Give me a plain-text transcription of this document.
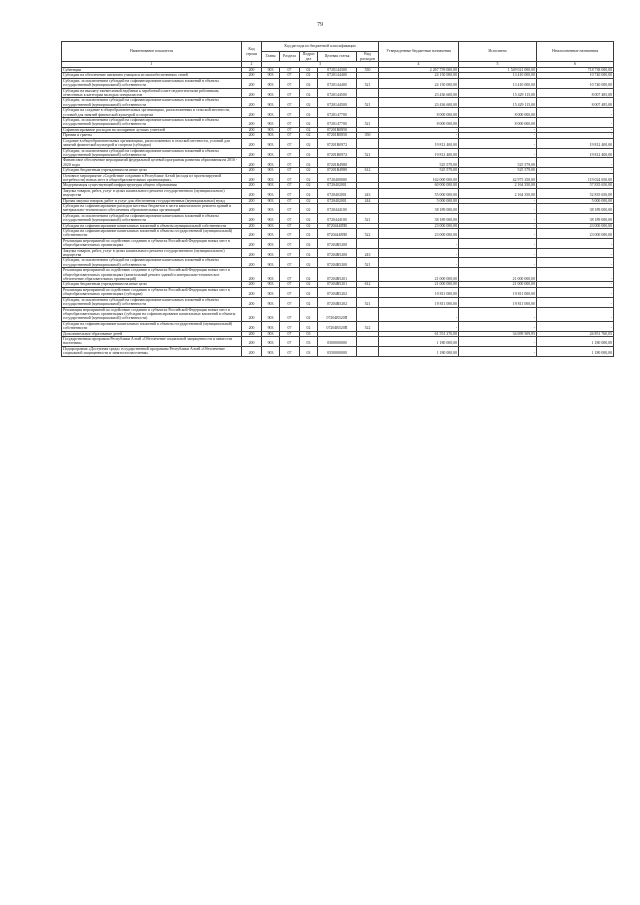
79
Наименование показателя	Код строки	Код расхода по бюджетной классификации					Утвержденные бюджетные назначения	Исполнено	Неисполненные назначения
		Главы	Раздела	Подраз дел	Целевая статья	Вид расходов			
1	2	3					4	5	6
Субвенции	200	903	07	02	0720144300	530	2 267 759 000,00	1 549 021 000,00	718 738 000,00
Субсидии на обеспечение питанием учащихся из малообеспеченных семей	200	903	07	02	0720144400		24 150 000,00	13 410 000,00	10 740 000,00
Субсидии, за исключением субсидий на софинансирование капитальных вложений в объекты государственной (муниципальной) собственности	200	903	07	02	0720144400	521	24 150 000,00	13 410 000,00	10 740 000,00
Субсидии на выплату ежемесячной надбавки к заработной плате педагогическим работникам, отнесенных к категории молодых специалистов	200	903	07	02	0720144500		23 436 600,00	15 429 115,00	8 007 485,00
Субсидии, за исключением субсидий на софинансирование капитальных вложений в объекты государственной (муниципальной) собственности	200	903	07	02	0720144500	521	23 436 600,00	15 429 115,00	8 007 485,00
Субсидии на создание в общеобразовательных организациях, расположенных в сельской местности, условий для занятий физической культурой и спортом	200	903	07	02	0720147700		8 000 000,00	8 000 000,00	-
Субсидии, за исключением субсидий на софинансирование капитальных вложений в объекты государственной (муниципальной) собственности	200	903	07	02	0720147700	521	8 000 000,00	8 000 000,00	-
Софинансирование расходов на поощрение лучших учителей	200	903	07	02	07201R0850		-	-	-
Премии и гранты	200	903	07	02	07201R0850	350	-	-	-
Создание в общеобразовательных организациях, расположенных в сельской местности, условий для занятий физической культурой и спортом (субсидии)	200	903	07	02	07201R0972		19 812 400,00	-	19 812 400,00
Субсидии, за исключением субсидий на софинансирование капитальных вложений в объекты государственной (муниципальной) собственности	200	903	07	02	07201R0972	521	19 812 400,00	-	19 812 400,00
Финансовое обеспечение мероприятий федеральной целевой программы развития образования на 2016 - 2020 годы	200	903	07	02	07201R4980		525 579,00	525 579,00	-
Субсидии бюджетным учреждениям на иные цели	200	903	07	02	07201R4980	612	525 579,00	525 579,00	-
Основное мероприятие «Содействие созданию в Республике Алтай (исходя из прогнозируемой потребности) новых мест в общеобразовательных организациях»	200	903	07	02	0720400000		162 000 000,00	42 975 350,00	119 024 650,00
Модернизация существующей инфраструктуры общего образования	200	903	07	02	0720402001		60 000 000,00	2 164 350,00	57 835 650,00
Закупка товаров, работ, услуг в целях капитального ремонта государственного (муниципального) имущества	200	903	07	02	0720402001	243	55 000 000,00	2 164 350,00	52 835 650,00
Прочая закупка товаров, работ и услуг для обеспечения государственных (муниципальных) нужд	200	903	07	02	0720402001	244	5 000 000,00	-	5 000 000,00
Субсидии на софинансирование расходов местных бюджетов в части капитального ремонта зданий и материально-технического обеспечения образовательных организаций	200	903	07	02	0720444100		38 189 000,00	-	38 189 000,00
Субсидии, за исключением субсидий на софинансирование капитальных вложений в объекты государственной (муниципальной) собственности	200	903	07	02	0720444100	521	38 189 000,00	-	38 189 000,00
Субсидии на софинансирование капитальных вложений в объекты муниципальной собственности	200	903	07	02	07204448П0		23 000 000,00	-	23 000 000,00
Субсидии на софинансирование капитальных вложений в объекты государственной (муниципальной) собственности	200	903	07	02	07204448П0	522	23 000 000,00	-	23 000 000,00
Реализация мероприятий по содействию созданию в субъектах Российской Федерации новых мест в общеобразовательных организациях	200	903	07	02	07204R5200		-	-	-
Закупка товаров, работ, услуг в целях капитального ремонта государственного (муниципального) имущества	200	903	07	02	07204R5200	243	-	-	-
Субсидии, за исключением субсидий на софинансирование капитальных вложений в объекты государственной (муниципальной) собственности	200	903	07	02	07204R5200	521	-	-	-
Реализация мероприятий по содействию созданию в субъектах Российской Федерации новых мест в общеобразовательных организациях (капитальный ремонт зданий и материально-техническое обеспечение образовательных организаций)	200	903	07	02	07204R5201		21 000 000,00	21 000 000,00	-
Субсидии бюджетным учреждениям на иные цели	200	903	07	02	07204R5201	612	21 000 000,00	21 000 000,00	-
Реализация мероприятий по содействию созданию в субъектах Российской Федерации новых мест в общеобразовательных организациях (субсидии)	200	903	07	02	07204R5202		19 811 000,00	19 811 000,00	-
Субсидии, за исключением субсидий на софинансирование капитальных вложений в объекты государственной (муниципальной) собственности	200	903	07	02	07204R5202	521	19 811 000,00	19 811 000,00	-
Реализация мероприятий по содействию созданию в субъектах Российской Федерации новых мест в общеобразовательных организациях (субсидии на софинансирование капитальных вложений в объекты государственной (муниципальной) собственности)	200	903	07	02	07204R520П		-	-	-
Субсидии на софинансирование капитальных вложений в объекты государственной (муниципальной) собственности	200	903	07	02	07204R520П	522	-	-	-
Дополнительное образование детей	200	903	07	03			61 551 270,00	34 699 509,95	26 851 760,05
Государственная программа Республики Алтай «Обеспечение социальной защищенности и занятости населения»	200	903	07	03	0500000000		1 180 000,00	-	1 180 000,00
Подпрограмма «Доступная среда» государственной программы Республики Алтай «Обеспечение социальной защищенности и занятости населения»	200	903	07	03	0550000000		1 180 000,00	-	1 180 000,00
